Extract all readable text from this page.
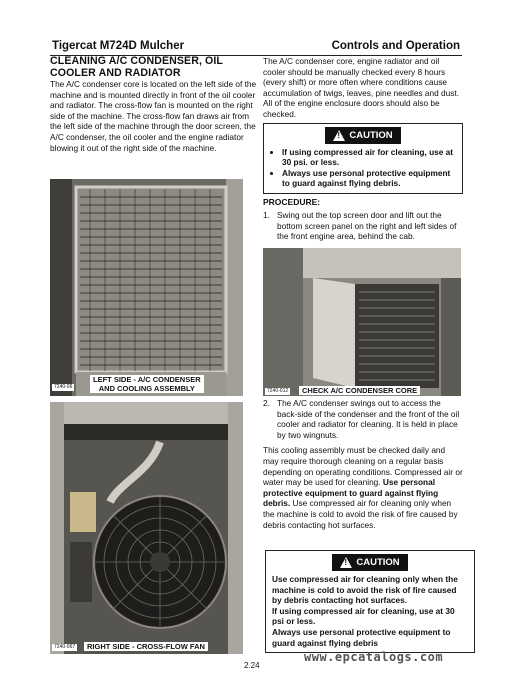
Tigercat M724D Mulcher	Controls and Operation
CLEANING A/C CONDENSER, OIL COOLER AND RADIATOR

The A/C condenser core is located on the left side of the machine and is mounted directly in front of the oil cooler and radiator. The cross-flow fan is mounted on the right side of the machine. The cross-flow fan draws air from the left side of the machine through the door screen, the A/C condenser, the oil cooler and the engine radiator blowing it out of the right side of the machine.

7240-06
LEFT SIDE - A/C CONDENSER
AND COOLING ASSEMBLY
7240-067	RIGHT SIDE - CROSS-FLOW FAN

The A/C condenser core, engine radiator and oil cooler should be manually checked every 8 hours (every shift) or more often where conditions cause accumulation of twigs, leaves, pine needles and dust. All of the engine enclosure doors should also be checked.

! CAUTION
• If using compressed air for cleaning, use at 30 psi. or less.
• Always use personal protective equipment to guard against flying debris.
PROCEDURE:
1. Swing out the top screen door and lift out the bottom screen panel on the right and left sides of the front engine area, behind the cab.
7240-012	CHECK A/C CONDENSER CORE
2. The A/C condenser swings out to access the back-side of the condenser and the front of the oil cooler and radiator for cleaning. It is held in place by two wingnuts.

This cooling assembly must be checked daily and may require thorough cleaning on a regular basis depending on operating conditions. Compressed air or water may be used for cleaning. Use personal protective equipment to guard against flying debris. Use compressed air for cleaning only when the machine is cold to avoid the risk of fire caused by debris contacting hot surfaces.

! CAUTION

Use compressed air for cleaning only when the machine is cold to avoid the risk of fire caused by debris contacting hot surfaces.

If using compressed air for cleaning, use at 30 psi or less.

Always use personal protective equipment to guard against flying debris

2.24
www.epcatalogs.com
